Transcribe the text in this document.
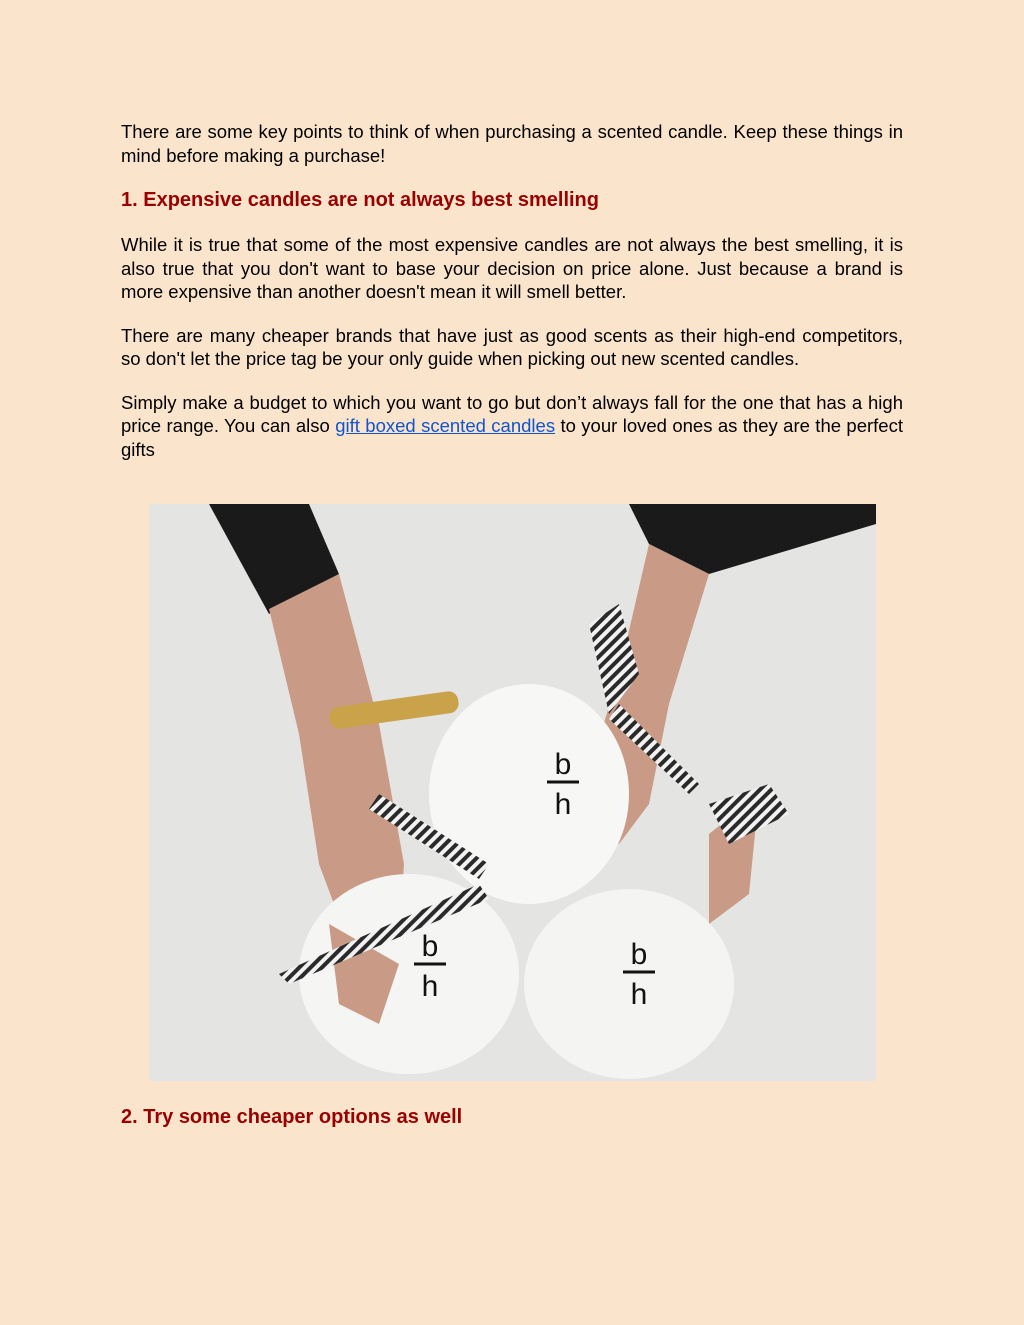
There are some key points to think of when purchasing a scented candle. Keep these things in mind before making a purchase!

1. Expensive candles are not always best smelling

While it is true that some of the most expensive candles are not always the best smelling, it is also true that you don't want to base your decision on price alone. Just because a brand is more expensive than another doesn't mean it will smell better.

There are many cheaper brands that have just as good scents as their high-end competitors, so don't let the price tag be your only guide when picking out new scented candles.

Simply make a budget to which you want to go but don’t always fall for the one that has a high price range. You can also gift boxed scented candles to your loved ones as they are the perfect gifts

b
h
b
h
b
h
2. Try some cheaper options as well
